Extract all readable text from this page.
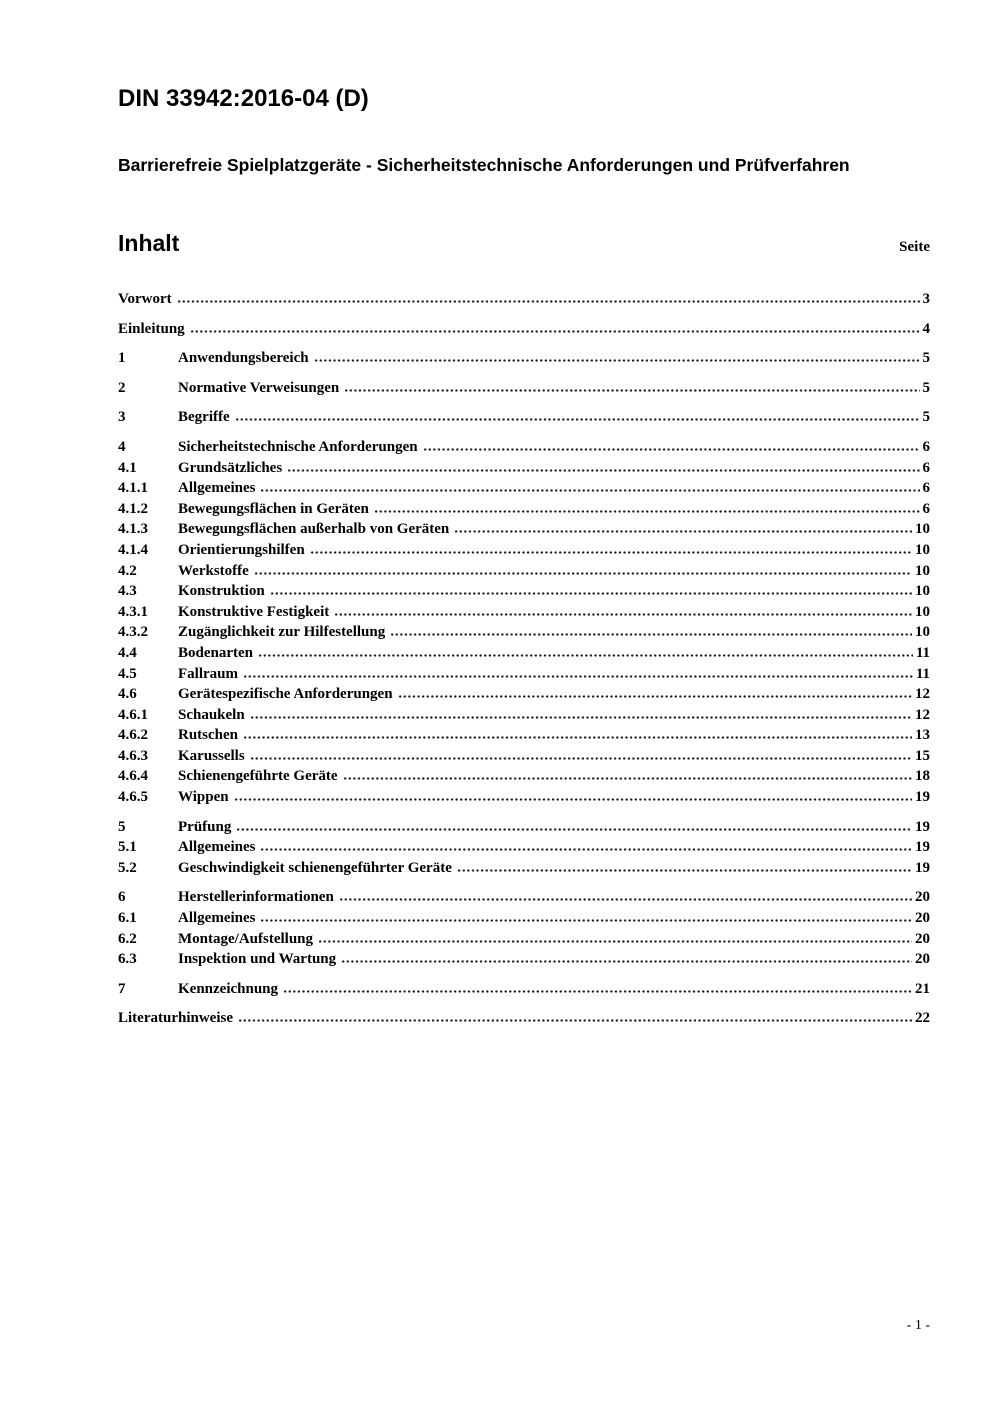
DIN 33942:2016-04 (D)
Barrierefreie Spielplatzgeräte - Sicherheitstechnische Anforderungen und Prüfverfahren
Inhalt	Seite
Vorwort	3
Einleitung	4
1	Anwendungsbereich	5
2	Normative Verweisungen	5
3	Begriffe	5
4	Sicherheitstechnische Anforderungen	6
4.1	Grundsätzliches	6
4.1.1	Allgemeines	6
4.1.2	Bewegungsflächen in Geräten	6
4.1.3	Bewegungsflächen außerhalb von Geräten	10
4.1.4	Orientierungshilfen	10
4.2	Werkstoffe	10
4.3	Konstruktion	10
4.3.1	Konstruktive Festigkeit	10
4.3.2	Zugänglichkeit zur Hilfestellung	10
4.4	Bodenarten	11
4.5	Fallraum	11
4.6	Gerätespezifische Anforderungen	12
4.6.1	Schaukeln	12
4.6.2	Rutschen	13
4.6.3	Karussells	15
4.6.4	Schienengeführte Geräte	18
4.6.5	Wippen	19
5	Prüfung	19
5.1	Allgemeines	19
5.2	Geschwindigkeit schienengeführter Geräte	19
6	Herstellerinformationen	20
6.1	Allgemeines	20
6.2	Montage/Aufstellung	20
6.3	Inspektion und Wartung	20
7	Kennzeichnung	21
Literaturhinweise	22
- 1 -
